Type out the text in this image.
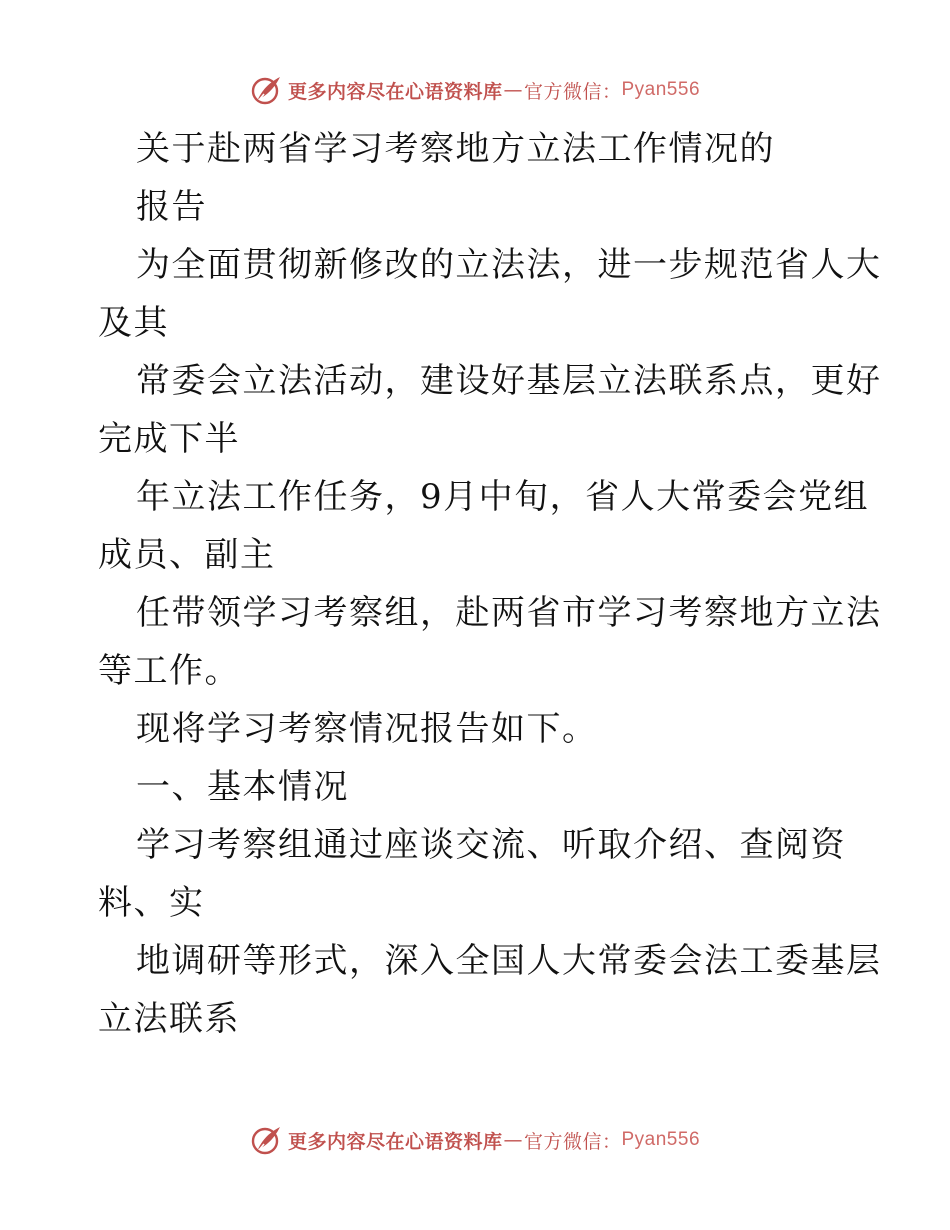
更多内容尽在心语资料库 — 官方微信： Pyan556
关于赴两省学习考察地方立法工作情况的
报告
为全面贯彻新修改的立法法，进一步规范省人大
及其
常委会立法活动，建设好基层立法联系点，更好
完成下半
年立法工作任务，9月中旬，省人大常委会党组
成员、副主
任带领学习考察组，赴两省市学习考察地方立法
等工作。
现将学习考察情况报告如下。
一、基本情况
学习考察组通过座谈交流、听取介绍、查阅资
料、实
地调研等形式，深入全国人大常委会法工委基层
立法联系
更多内容尽在心语资料库 — 官方微信： Pyan556
